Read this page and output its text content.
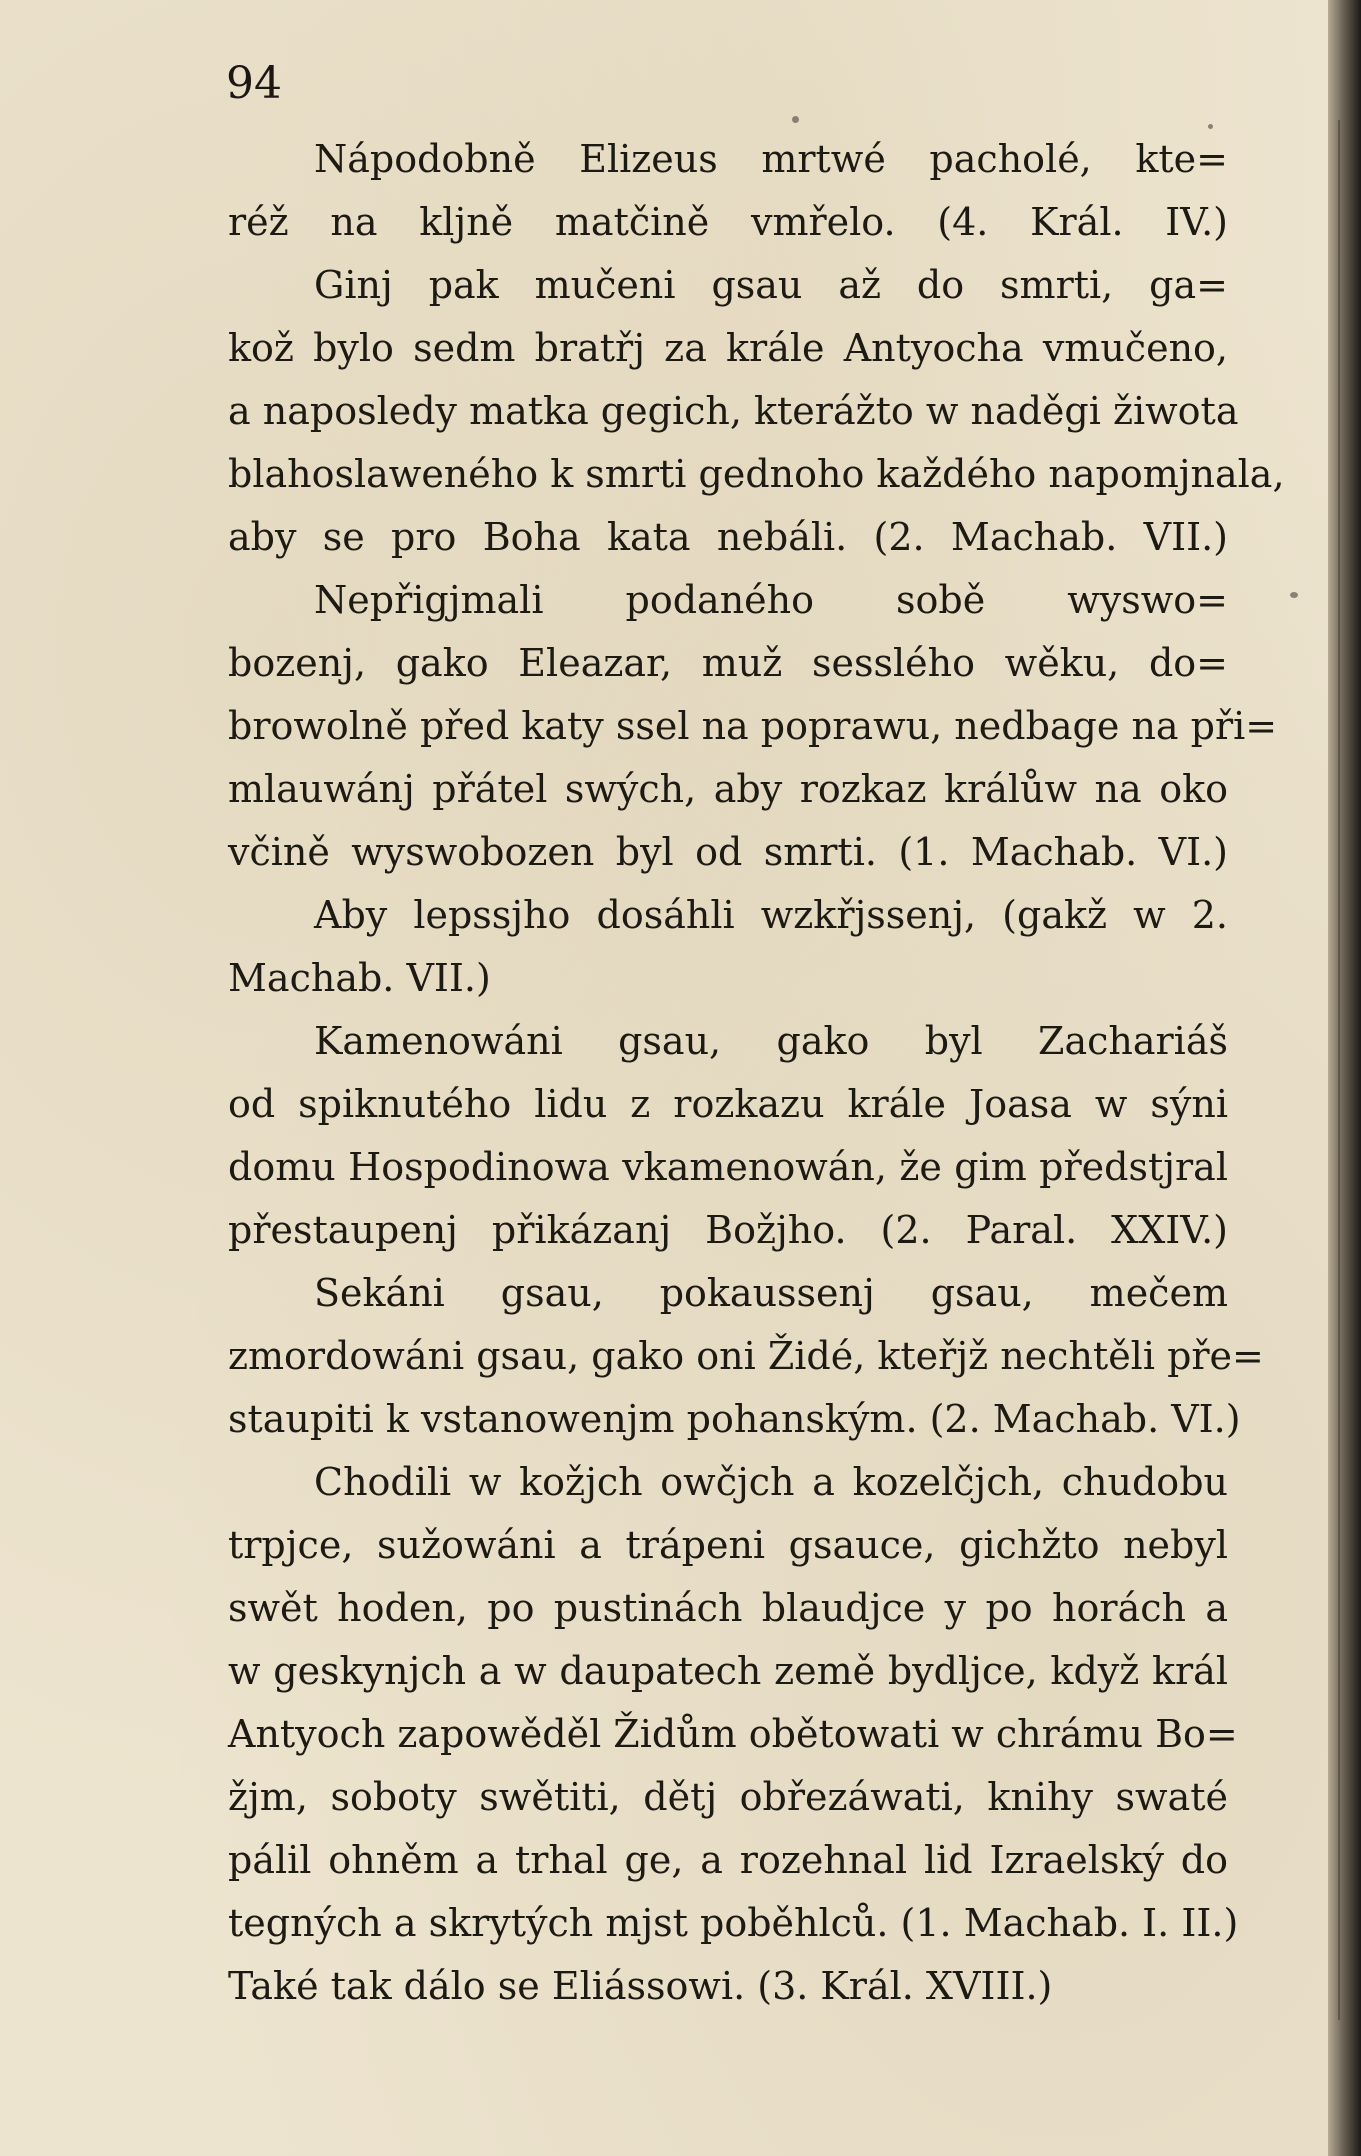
94
Nápodobně Elizeus mrtwé pacholé, kte=
réž na kljně matčině vmřelo. (4. Král. IV.)
Ginj pak mučeni gsau až do smrti, ga=
kož bylo sedm bratřj za krále Antyocha vmučeno,
a naposledy matka gegich, kterážto w naděgi žiwota
blahoslaweného k smrti gednoho každého napomjnala,
aby se pro Boha kata nebáli. (2. Machab. VII.)
Nepřigjmali podaného sobě wyswo=
bozenj, gako Eleazar, muž sesslého wěku, do=
browolně před katy ssel na poprawu, nedbage na při=
mlauwánj přátel swých, aby rozkaz králůw na oko
včině wyswobozen byl od smrti. (1. Machab. VI.)
Aby lepssjho dosáhli wzkřjssenj, (gakž w 2.
Machab. VII.)
Kamenowáni gsau, gako byl Zachariáš
od spiknutého lidu z rozkazu krále Joasa w sýni
domu Hospodinowa vkamenowán, že gim předstjral
přestaupenj přikázanj Božjho. (2. Paral. XXIV.)
Sekáni gsau, pokaussenj gsau, mečem
zmordowáni gsau, gako oni Židé, kteřjž nechtěli pře=
staupiti k vstanowenjm pohanským. (2. Machab. VI.)
Chodili w kožjch owčjch a kozelčjch, chudobu
trpjce, sužowáni a trápeni gsauce, gichžto nebyl
swět hoden, po pustinách blaudjce y po horách a
w geskynjch a w daupatech země bydljce, když král
Antyoch zapowěděl Židům obětowati w chrámu Bo=
žjm, soboty swětiti, dětj obřezáwati, knihy swaté
pálil ohněm a trhal ge, a rozehnal lid Izraelský do
tegných a skrytých mjst poběhlců. (1. Machab. I. II.)
Také tak dálo se Eliássowi. (3. Král. XVIII.)
